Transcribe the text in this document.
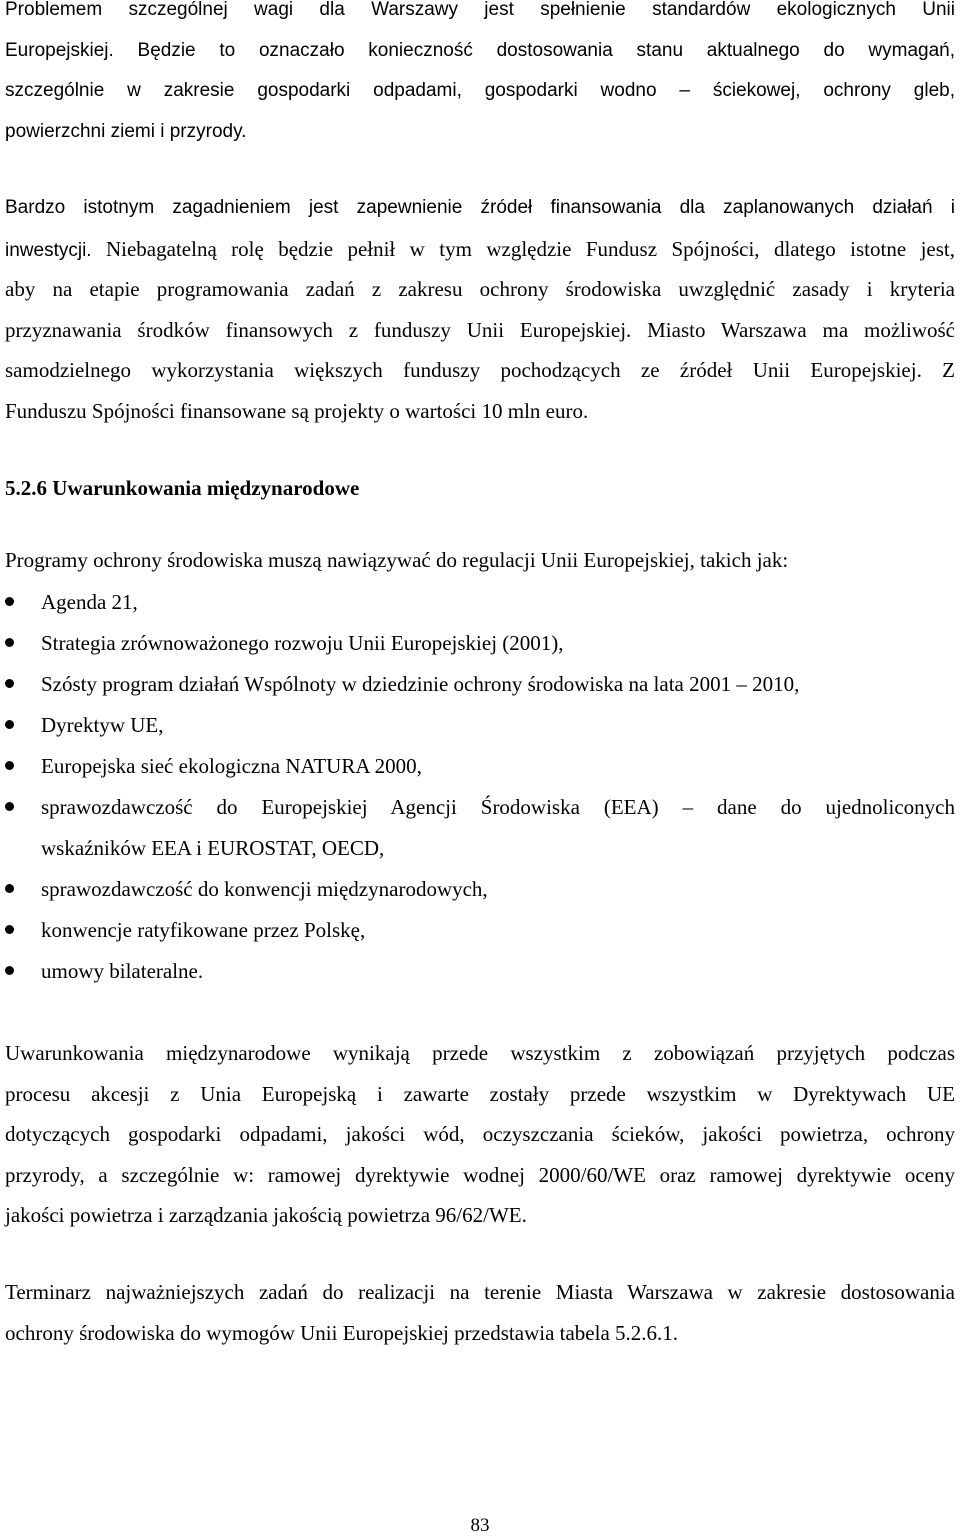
Problemem szczególnej wagi dla Warszawy jest spełnienie standardów ekologicznych Unii
Europejskiej. Będzie to oznaczało konieczność dostosowania stanu aktualnego do wymagań,
szczególnie w zakresie gospodarki odpadami, gospodarki wodno – ściekowej, ochrony gleb,
powierzchni ziemi i przyrody.
Bardzo istotnym zagadnieniem jest zapewnienie źródeł finansowania dla zaplanowanych działań i
inwestycji. Niebagatelną rolę będzie pełnił w tym względzie Fundusz Spójności, dlatego istotne jest,
aby na etapie programowania zadań z zakresu ochrony środowiska uwzględnić zasady i kryteria
przyznawania środków finansowych z funduszy Unii Europejskiej. Miasto Warszawa ma możliwość
samodzielnego wykorzystania większych funduszy pochodzących ze źródeł Unii Europejskiej. Z
Funduszu Spójności finansowane są projekty o wartości 10 mln euro.
5.2.6 Uwarunkowania międzynarodowe
Programy ochrony środowiska muszą nawiązywać do regulacji Unii Europejskiej, takich jak:
Agenda 21,
Strategia zrównoważonego rozwoju Unii Europejskiej (2001),
Szósty program działań Wspólnoty w dziedzinie ochrony środowiska na lata 2001 – 2010,
Dyrektyw UE,
Europejska sieć ekologiczna NATURA 2000,
sprawozdawczość do Europejskiej Agencji Środowiska (EEA) – dane do ujednoliconych
wskaźników EEA i EUROSTAT, OECD,
sprawozdawczość do konwencji międzynarodowych,
konwencje ratyfikowane przez Polskę,
umowy bilateralne.
Uwarunkowania międzynarodowe wynikają przede wszystkim z zobowiązań przyjętych podczas
procesu akcesji z Unia Europejską i zawarte zostały przede wszystkim w Dyrektywach UE
dotyczących gospodarki odpadami, jakości wód, oczyszczania ścieków, jakości powietrza, ochrony
przyrody, a szczególnie w: ramowej dyrektywie wodnej 2000/60/WE oraz ramowej dyrektywie oceny
jakości powietrza i zarządzania jakością powietrza 96/62/WE.
Terminarz najważniejszych zadań do realizacji na terenie Miasta Warszawa w zakresie dostosowania
ochrony środowiska do wymogów Unii Europejskiej przedstawia tabela 5.2.6.1.
83
